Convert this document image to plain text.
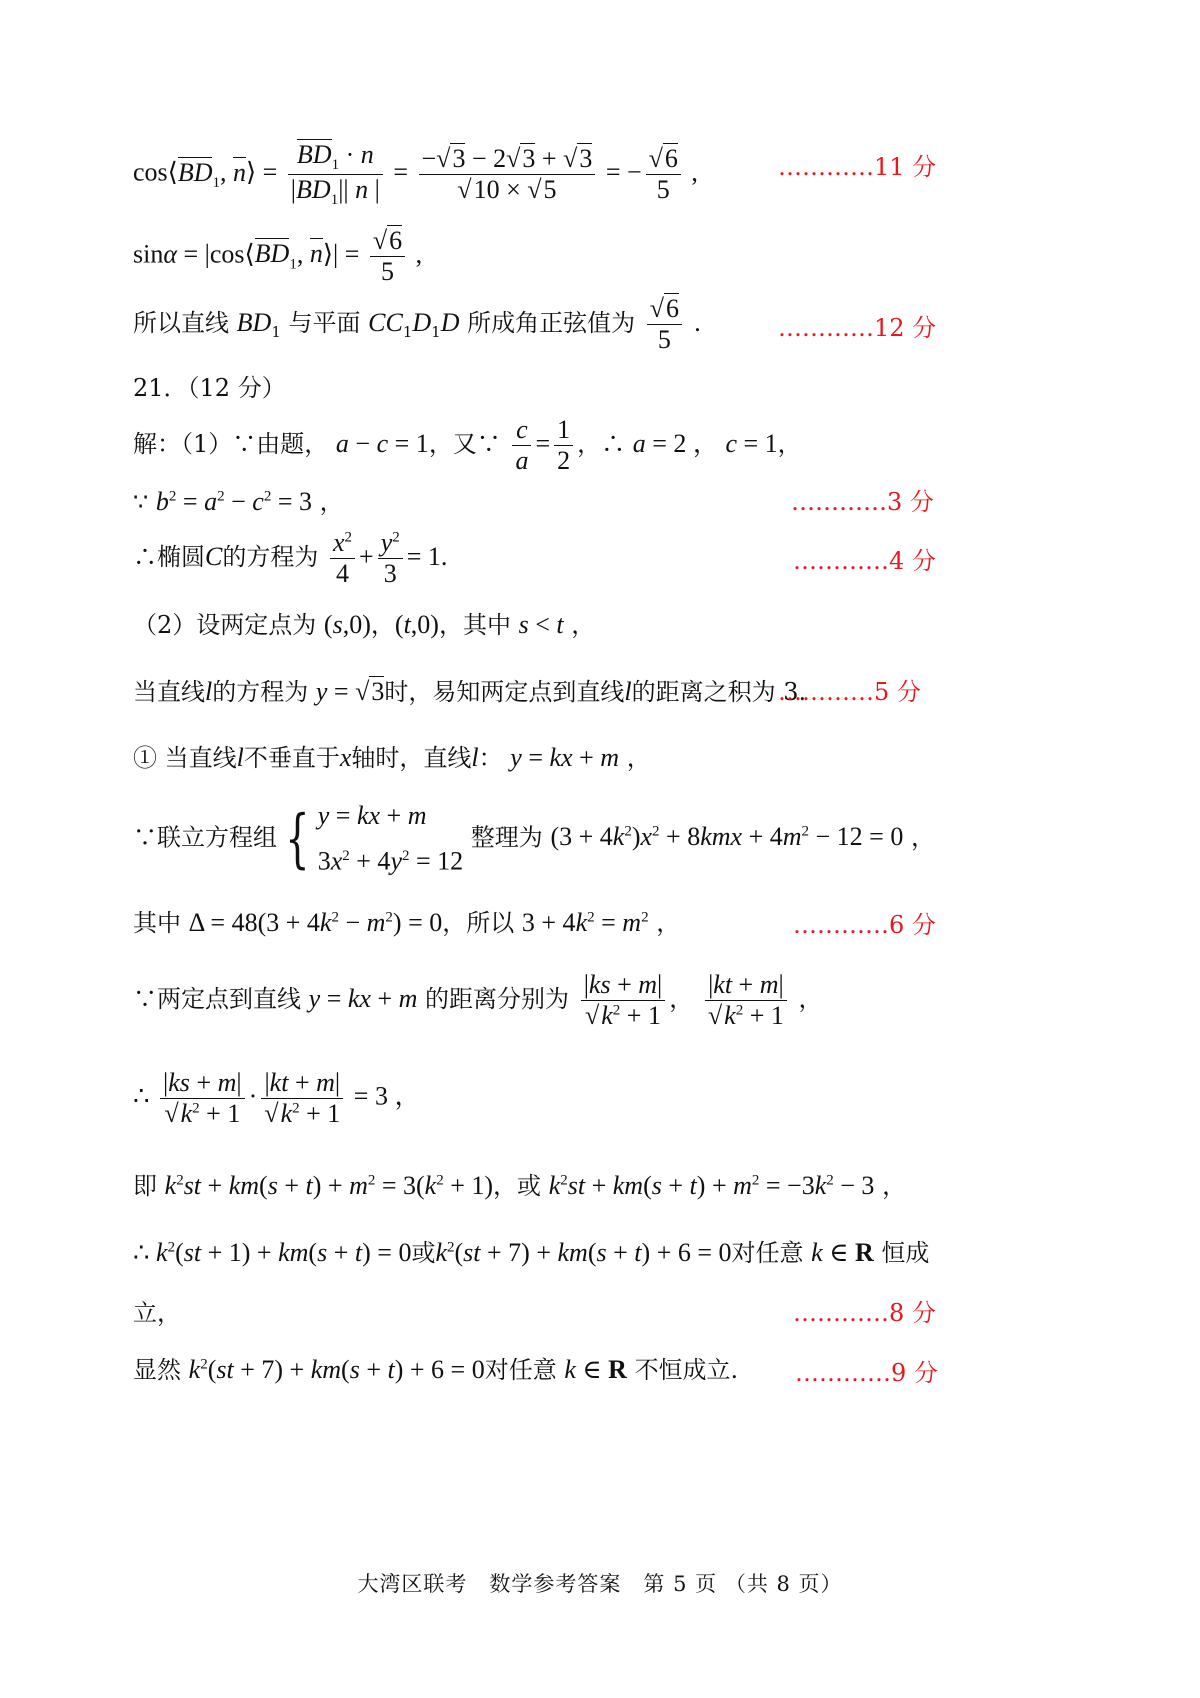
$\cos⟨BD_1$, n⟩ = $\frac{BD_1 \cdot n}{|BD_1|| n |} = \frac{-√3 - 2√3 + √3}{√10 \times √5}$ = − $\frac{√6}{5}$ ,	…………11 分
$\sin\alpha = |\cos⟨BD_1$, n⟩| = $\frac{√6}{5}$ ,
所以直线 $BD_1$ 与平面 $CC_1D_1D$ 所成角正弦值为 $\frac{√6}{5}$ .	…………12 分
21．（12 分）
解：（1）∵由题， a − c = 1，又∵ $\frac{c}{a} = \frac{1}{2}$ ，∴ a = 2 ， c = 1，
∵ $b^2 = a^2 - c^2 = 3$ ，	…………3 分
∴椭圆C的方程为 $\frac{x^2}{4} + \frac{y^2}{3} = 1$.	…………4 分
（2）设两定点为 (s,0)，(t,0)，其中 s < t ，
当直线l的方程为 y = √3时，易知两定点到直线l的距离之积为 3.
…………5 分
① 当直线l不垂直于x轴时，直线l： y = kx + m ，
∵联立方程组 { y = kx + m
$3x^2 + 4y^2 = 12$
整理为 $(3 + 4k^2)x^2 + 8kmx + 4m^2 - 12 = 0$ ，
其中 $\Delta = 48(3 + 4k^2 - m^2) = 0$，所以 $3 + 4k^2 = m^2$ ，	…………6 分
∵两定点到直线 y = kx + m 的距离分别为 $\frac{|ks + m|}{√k^2 + 1}$ ， $\frac{|kt + m|}{√k^2 + 1}$ ，
∴ $\frac{|ks + m|}{√k^2 + 1} \cdot \frac{|kt + m|}{√k^2 + 1} = 3$ ，
即 $k^2st + km(s + t) + m^2 = 3(k^2 + 1)$，或 $k^2st + km(s + t) + m^2 = -3k^2 - 3$ ，
∴ $k^2(st + 1) + km(s + t) = 0$或$k^2(st + 7) + km(s + t) + 6 = 0$对任意 k ∈ R 恒成
立，	…………8 分
显然 $k^2(st + 7) + km(s + t) + 6 = 0$对任意 k ∈ R 不恒成立.	…………9 分
大湾区联考　数学参考答案　第 5 页 （共 8 页）
